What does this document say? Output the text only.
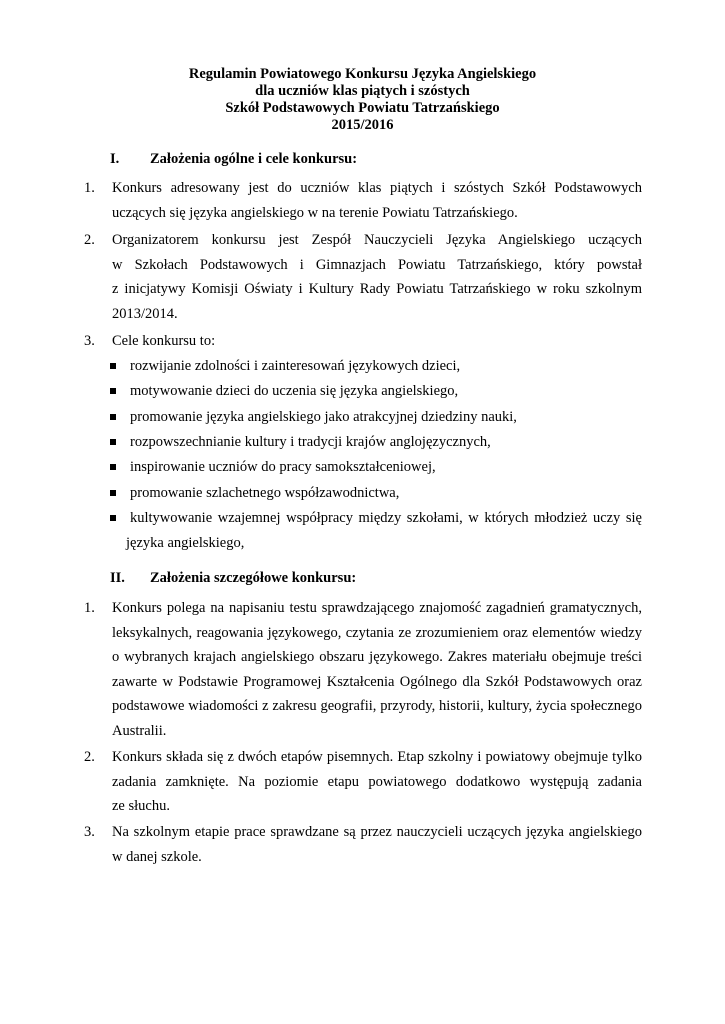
Regulamin Powiatowego Konkursu Języka Angielskiego
dla uczniów klas piątych i szóstych
Szkół Podstawowych Powiatu Tatrzańskiego
2015/2016
I. Założenia ogólne i cele konkursu:
1. Konkurs adresowany jest do uczniów klas piątych i szóstych Szkół Podstawowych
uczących się języka angielskiego w na terenie Powiatu Tatrzańskiego.
2. Organizatorem konkursu jest Zespół Nauczycieli Języka Angielskiego uczących
w Szkołach Podstawowych i Gimnazjach Powiatu Tatrzańskiego, który powstał
z inicjatywy Komisji Oświaty i Kultury Rady Powiatu Tatrzańskiego w roku szkolnym
2013/2014.
3. Cele konkursu to:
rozwijanie zdolności i zainteresowań językowych dzieci,
motywowanie dzieci do uczenia się języka angielskiego,
promowanie języka angielskiego jako atrakcyjnej dziedziny nauki,
rozpowszechnianie kultury i tradycji krajów anglojęzycznych,
inspirowanie uczniów do pracy samokształceniowej,
promowanie szlachetnego współzawodnictwa,
kultywowanie wzajemnej współpracy między szkołami, w których młodzież uczy się
języka angielskiego,
II. Założenia szczegółowe konkursu:
1. Konkurs polega na napisaniu testu sprawdzającego znajomość zagadnień gramatycznych,
leksykalnych, reagowania językowego, czytania ze zrozumieniem oraz elementów wiedzy
o wybranych krajach angielskiego obszaru językowego. Zakres materiału obejmuje treści
zawarte w Podstawie Programowej Kształcenia Ogólnego dla Szkół Podstawowych oraz
podstawowe wiadomości z zakresu geografii, przyrody, historii, kultury, życia społecznego
Australii.
2. Konkurs składa się z dwóch etapów pisemnych. Etap szkolny i powiatowy obejmuje tylko
zadania zamknięte. Na poziomie etapu powiatowego dodatkowo występują zadania
ze słuchu.
3. Na szkolnym etapie prace sprawdzane są przez nauczycieli uczących języka angielskiego
w danej szkole.
